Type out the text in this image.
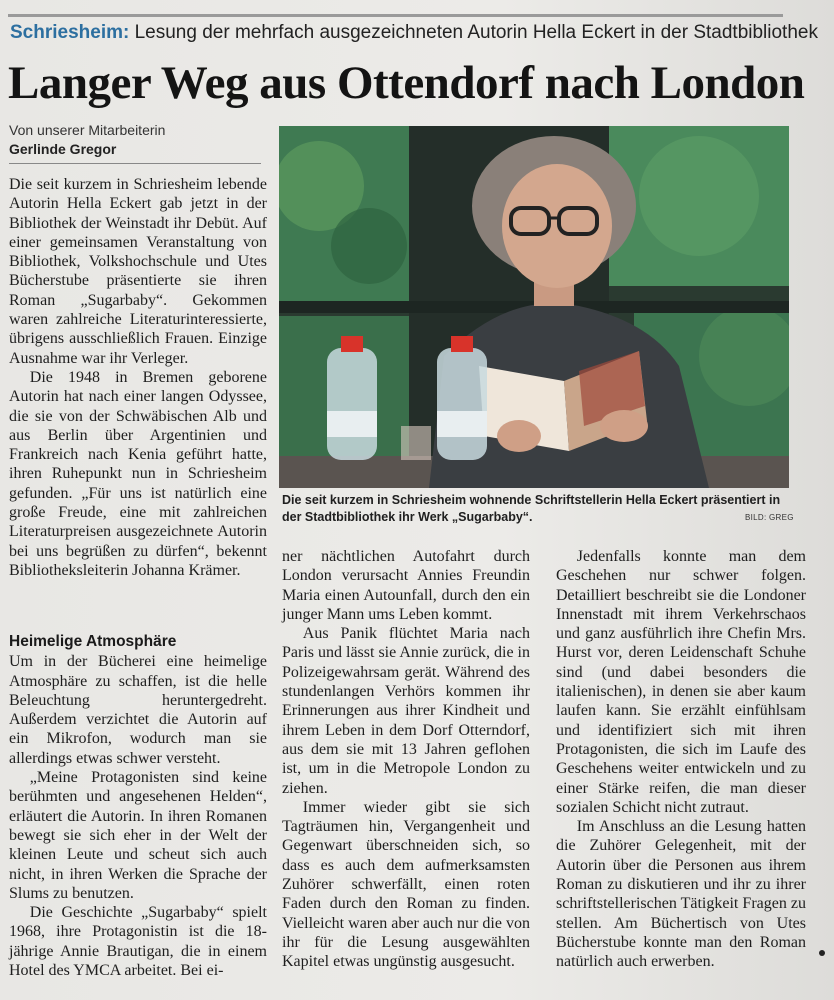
Schriesheim: Lesung der mehrfach ausgezeichneten Autorin Hella Eckert in der Stadtbibliothek
Langer Weg aus Ottendorf nach London
Von unserer Mitarbeiterin
Gerlinde Gregor

Die seit kurzem in Schriesheim lebende Autorin Hella Eckert gab jetzt in der Bibliothek der Weinstadt ihr Debüt. Auf einer gemeinsamen Veranstaltung von Bibliothek, Volkshochschule und Utes Bücherstube präsentierte sie ihren Roman „Sugarbaby“. Gekommen waren zahlreiche Literaturinteressierte, übrigens ausschließlich Frauen. Einzige Ausnahme war ihr Verleger.

Die 1948 in Bremen geborene Autorin hat nach einer langen Odyssee, die sie von der Schwäbischen Alb und aus Berlin über Argentinien und Frankreich nach Kenia geführt hatte, ihren Ruhepunkt nun in Schriesheim gefunden. „Für uns ist natürlich eine große Freude, eine mit zahlreichen Literaturpreisen ausgezeichnete Autorin bei uns begrüßen zu dürfen“, bekennt Bibliotheksleiterin Johanna Krämer.

Heimelige Atmosphäre

Um in der Bücherei eine heimelige Atmosphäre zu schaffen, ist die helle Beleuchtung heruntergedreht. Außerdem verzichtet die Autorin auf ein Mikrofon, wodurch man sie allerdings etwas schwer versteht.

„Meine Protagonisten sind keine berühmten und angesehenen Helden“, erläutert die Autorin. In ihren Romanen bewegt sie sich eher in der Welt der kleinen Leute und scheut sich auch nicht, in ihren Werken die Sprache der Slums zu benutzen.

Die Geschichte „Sugarbaby“ spielt 1968, ihre Protagonistin ist die 18-jährige Annie Brautigan, die in einem Hotel des YMCA arbeitet. Bei ei-

Die seit kurzem in Schriesheim wohnende Schriftstellerin Hella Eckert präsentiert in der Stadtbibliothek ihr Werk „Sugarbaby“.	BILD: GREG

ner nächtlichen Autofahrt durch London verursacht Annies Freundin Maria einen Autounfall, durch den ein junger Mann ums Leben kommt.

Aus Panik flüchtet Maria nach Paris und lässt sie Annie zurück, die in Polizeigewahrsam gerät. Während des stundenlangen Verhörs kommen ihr Erinnerungen aus ihrer Kindheit und ihrem Leben in dem Dorf Otterndorf, aus dem sie mit 13 Jahren geflohen ist, um in die Metropole London zu ziehen.

Immer wieder gibt sie sich Tagträumen hin, Vergangenheit und Gegenwart überschneiden sich, so dass es auch dem aufmerksamsten Zuhörer schwerfällt, einen roten Faden durch den Roman zu finden. Vielleicht waren aber auch nur die von ihr für die Lesung ausgewählten Kapitel etwas ungünstig ausgesucht.

Jedenfalls konnte man dem Geschehen nur schwer folgen. Detailliert beschreibt sie die Londoner Innenstadt mit ihrem Verkehrschaos und ganz ausführlich ihre Chefin Mrs. Hurst vor, deren Leidenschaft Schuhe sind (und dabei besonders die italienischen), in denen sie aber kaum laufen kann. Sie erzählt einfühlsam und identifiziert sich mit ihren Protagonisten, die sich im Laufe des Geschehens weiter entwickeln und zu einer Stärke reifen, die man dieser sozialen Schicht nicht zutraut.

Im Anschluss an die Lesung hatten die Zuhörer Gelegenheit, mit der Autorin über die Personen aus ihrem Roman zu diskutieren und ihr zu ihrer schriftstellerischen Tätigkeit Fragen zu stellen. Am Büchertisch von Utes Bücherstube konnte man den Roman natürlich auch erwerben.
